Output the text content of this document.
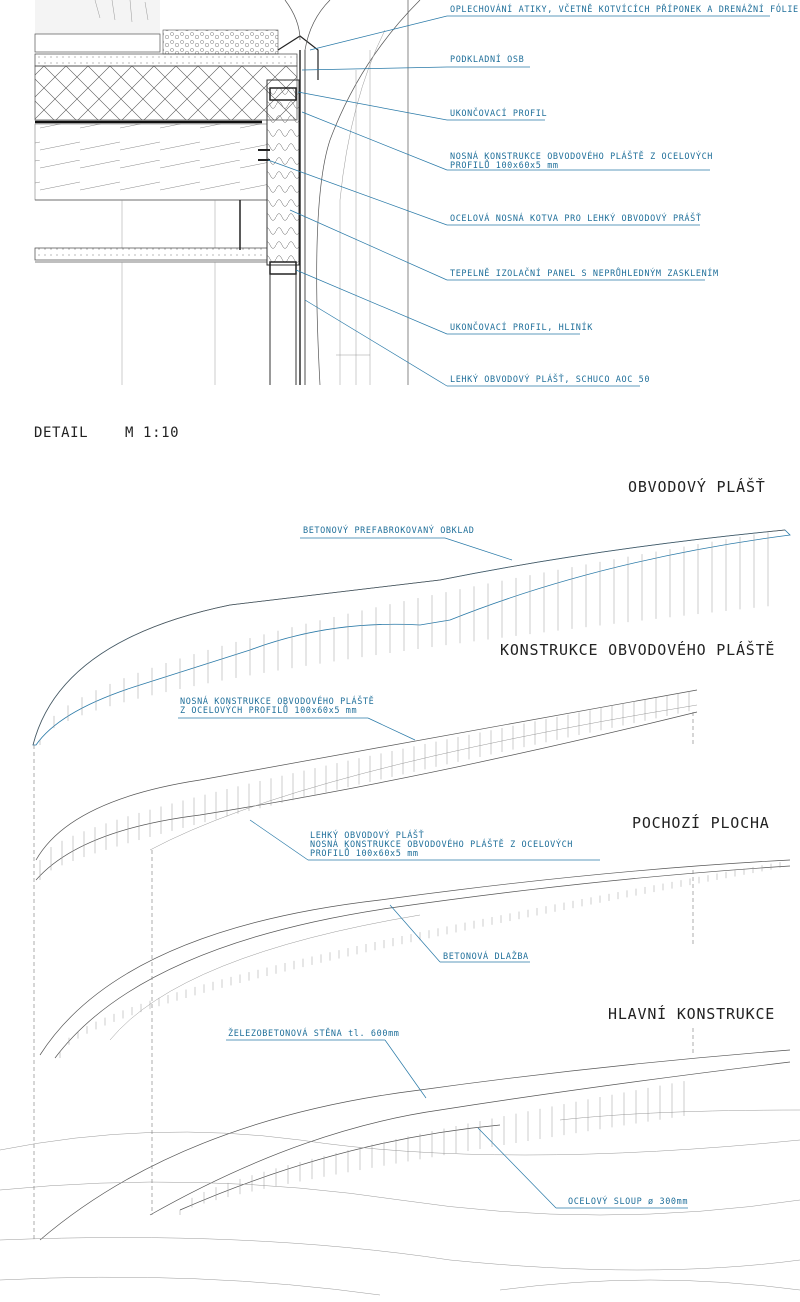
OPLECHOVÁNÍ ATIKY, VČETNĚ KOTVÍCÍCH PŘÍPONEK A DRENÁŽNÍ FÓLIE
PODKLADNÍ OSB
UKONČOVACÍ PROFIL
NOSNÁ KONSTRUKCE OBVODOVÉHO PLÁŠTĚ Z OCELOVÝCH
PROFILŮ 100x60x5 mm
OCELOVÁ NOSNÁ KOTVA PRO LEHKÝ OBVODOVÝ PRÁŠŤ
TEPELNĚ IZOLAČNÍ PANEL S NEPRŮHLEDNÝM ZASKLENÍM
UKONČOVACÍ PROFIL, HLINÍK
LEHKÝ OBVODOVÝ PLÁŠŤ, SCHUCO AOC 50
DETAIL	M 1:10
OBVODOVÝ PLÁŠŤ
BETONOVÝ PREFABROKOVANÝ OBKLAD
KONSTRUKCE OBVODOVÉHO PLÁŠTĚ
NOSNÁ KONSTRUKCE OBVODOVÉHO PLÁŠTĚ
Z OCELOVÝCH PROFILŮ 100x60x5 mm
LEHKÝ OBVODOVÝ PLÁŠŤ
NOSNÁ KONSTRUKCE OBVODOVÉHO PLÁŠTĚ Z OCELOVÝCH
PROFILŮ 100x60x5 mm
POCHOZÍ PLOCHA
BETONOVÁ DLAŽBA
HLAVNÍ KONSTRUKCE
ŽELEZOBETONOVÁ STĚNA tl. 600mm
OCELOVÝ SLOUP ø 300mm
